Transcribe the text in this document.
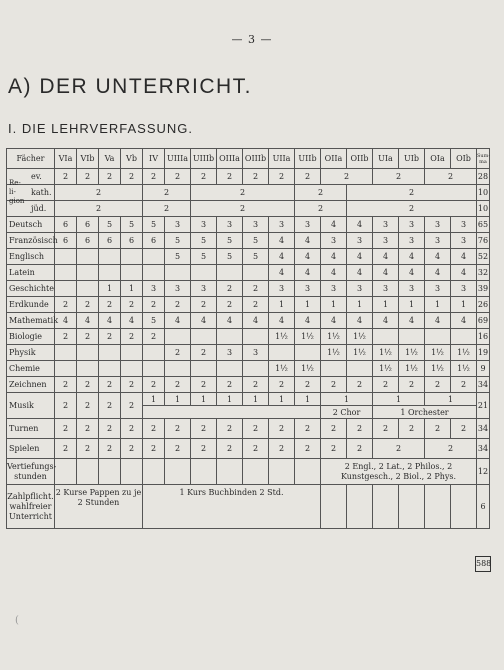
— 3 —
A) DER UNTERRICHT.
I. DIE LEHRVERFASSUNG.
Fächer	VIa	VIb	Va	Vb	IV	UIIIa	UIIIb	OIIIa	OIIIb	UIIa	UIIb	OIIa	OIIb	UIa	UIb	OIa	OIb	Sum-ma

Re-li-gion
ev.	2	2	2	2	2	2	2	2	2	2	2	2		2		2		28
kath.	2				2		2				2		2					10
jüd.	2				2		2				2		2					10
Deutsch	6	6	5	5	5	3	3	3	3	3	3	4	4	3	3	3	3	65
Französisch	6	6	6	6	6	5	5	5	5	4	4	3	3	3	3	3	3	76
Englisch						5	5	5	5	4	4	4	4	4	4	4	4	52
Latein										4	4	4	4	4	4	4	4	32
Geschichte			1	1	3	3	3	2	2	3	3	3	3	3	3	3	3	39
Erdkunde	2	2	2	2	2	2	2	2	2	1	1	1	1	1	1	1	1	26
Mathematik	4	4	4	4	5	4	4	4	4	4	4	4	4	4	4	4	4	69
Biologie	2	2	2	2	2					1½	1½	1½	1½					16
Physik						2	2	3	3			1½	1½	1½	1½	1½	1½	19
Chemie										1½	1½			1½	1½	1½	1½	9
Zeichnen	2	2	2	2	2	2	2	2	2	2	2	2	2	2	2	2	2	34
Musik	2	2	2	2	1	1	1	1	1	1	1	1		1		1		21
												2 Chor		1 Orchester				
Turnen	2	2	2	2	2	2	2	2	2	2	2	2	2	2	2	2	2	34
Spielen	2	2	2	2	2	2	2	2	2	2	2	2	2	2		2		34
Vertiefungs-stunden												2 Engl., 2 Lat., 2 Philos., 2 Kunstgesch., 2 Biol., 2 Phys.						12
Zahlpflicht. wahlfreier Unterricht	2 Kurse Pappen zu je 2 Stunden				1 Kurs Buchbinden 2 Std.													6
588
(
